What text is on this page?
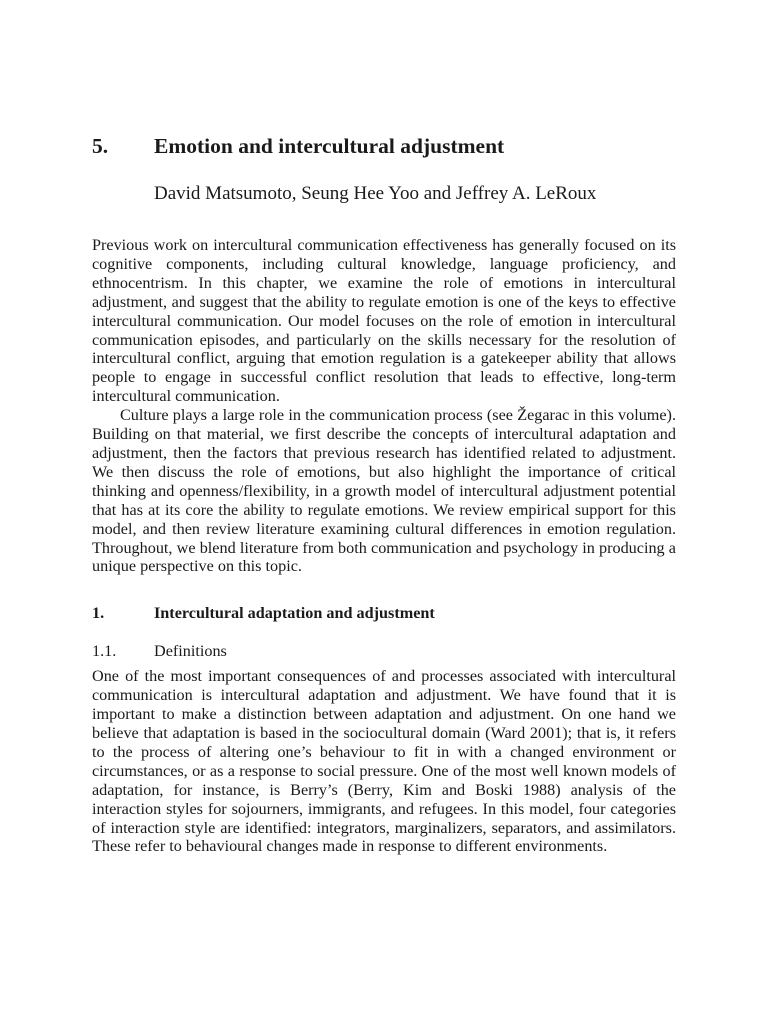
5.	Emotion and intercultural adjustment
David Matsumoto, Seung Hee Yoo and Jeffrey A. LeRoux

Previous work on intercultural communication effectiveness has generally focused on its cognitive components, including cultural knowledge, language proficiency, and ethnocentrism. In this chapter, we examine the role of emotions in intercultural adjustment, and suggest that the ability to regulate emotion is one of the keys to effective intercultural communication. Our model focuses on the role of emotion in intercultural communication episodes, and particularly on the skills necessary for the resolution of intercultural conflict, arguing that emotion regulation is a gatekeeper ability that allows people to engage in successful conflict resolution that leads to effective, long-term intercultural communication.

Culture plays a large role in the communication process (see Žegarac in this volume). Building on that material, we first describe the concepts of intercultural adaptation and adjustment, then the factors that previous research has identified related to adjustment. We then discuss the role of emotions, but also highlight the importance of critical thinking and openness/flexibility, in a growth model of intercultural adjustment potential that has at its core the ability to regulate emotions. We review empirical support for this model, and then review literature examining cultural differences in emotion regulation. Throughout, we blend literature from both communication and psychology in producing a unique perspective on this topic.

1.	Intercultural adaptation and adjustment
1.1.	Definitions

One of the most important consequences of and processes associated with intercultural communication is intercultural adaptation and adjustment. We have found that it is important to make a distinction between adaptation and adjustment. On one hand we believe that adaptation is based in the sociocultural domain (Ward 2001); that is, it refers to the process of altering one’s behaviour to fit in with a changed environment or circumstances, or as a response to social pressure. One of the most well known models of adaptation, for instance, is Berry’s (Berry, Kim and Boski 1988) analysis of the interaction styles for sojourners, immigrants, and refugees. In this model, four categories of interaction style are identified: integrators, marginalizers, separators, and assimilators. These refer to behavioural changes made in response to different environments.
